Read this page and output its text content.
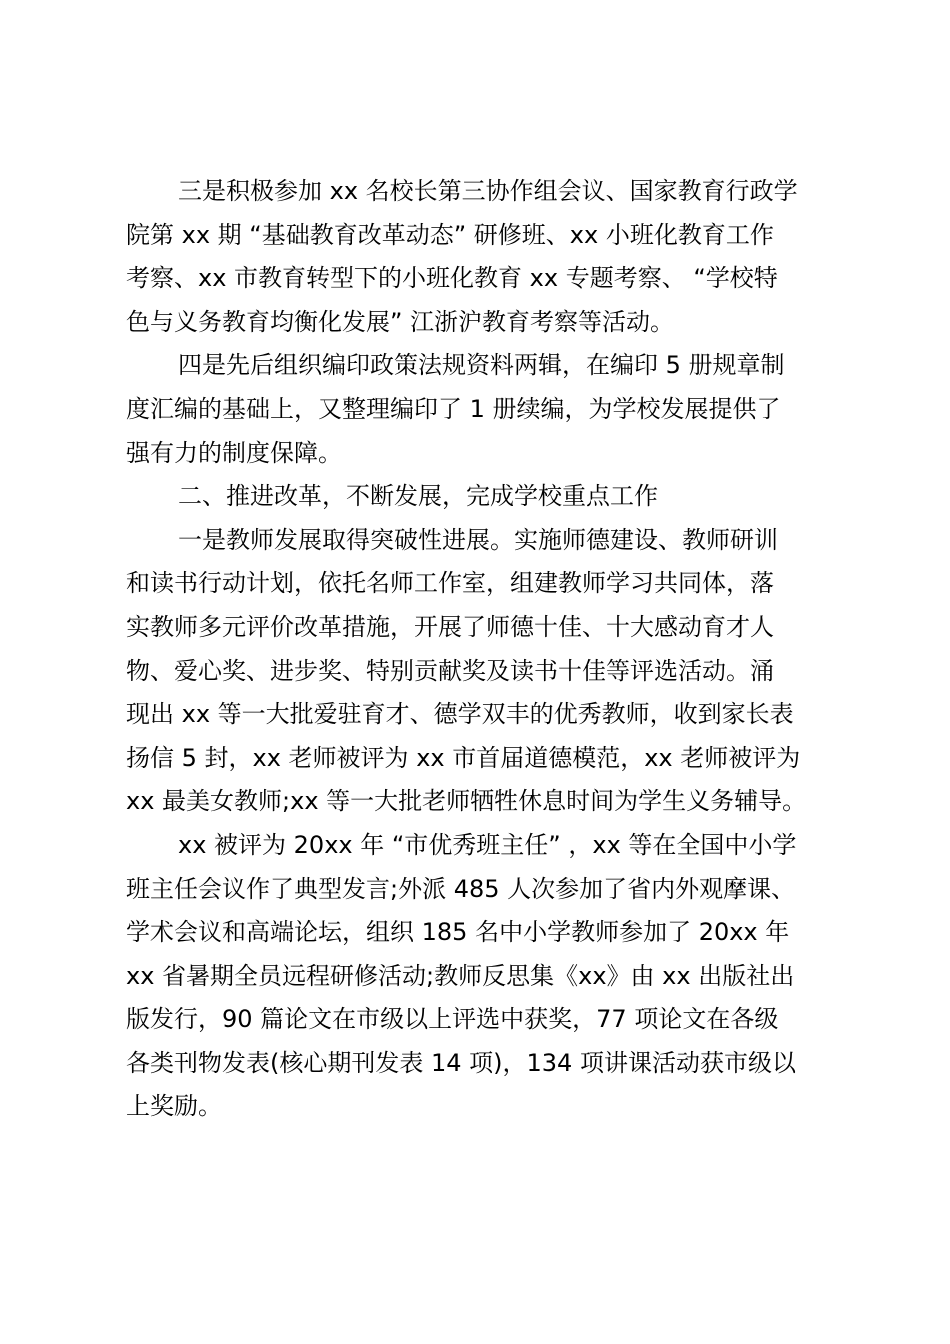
三是积极参加 xx 名校长第三协作组会议、国家教育行政学
院第 xx 期 “基础教育改革动态” 研修班、xx 小班化教育工作
考察、xx 市教育转型下的小班化教育 xx 专题考察、 “学校特
色与义务教育均衡化发展” 江浙沪教育考察等活动。
四是先后组织编印政策法规资料两辑，在编印 5 册规章制
度汇编的基础上，又整理编印了 1 册续编，为学校发展提供了
强有力的制度保障。
二、推进改革，不断发展，完成学校重点工作
一是教师发展取得突破性进展。实施师德建设、教师研训
和读书行动计划，依托名师工作室，组建教师学习共同体，落
实教师多元评价改革措施，开展了师德十佳、十大感动育才人
物、爱心奖、进步奖、特别贡献奖及读书十佳等评选活动。涌
现出 xx 等一大批爱驻育才、德学双丰的优秀教师，收到家长表
扬信 5 封，xx 老师被评为 xx 市首届道德模范，xx 老师被评为
xx 最美女教师;xx 等一大批老师牺牲休息时间为学生义务辅导。
xx 被评为 20xx 年 “市优秀班主任” ，xx 等在全国中小学
班主任会议作了典型发言;外派 485 人次参加了省内外观摩课、
学术会议和高端论坛，组织 185 名中小学教师参加了 20xx 年
xx 省暑期全员远程研修活动;教师反思集《xx》由 xx 出版社出
版发行，90 篇论文在市级以上评选中获奖，77 项论文在各级
各类刊物发表(核心期刊发表 14 项)，134 项讲课活动获市级以
上奖励。
